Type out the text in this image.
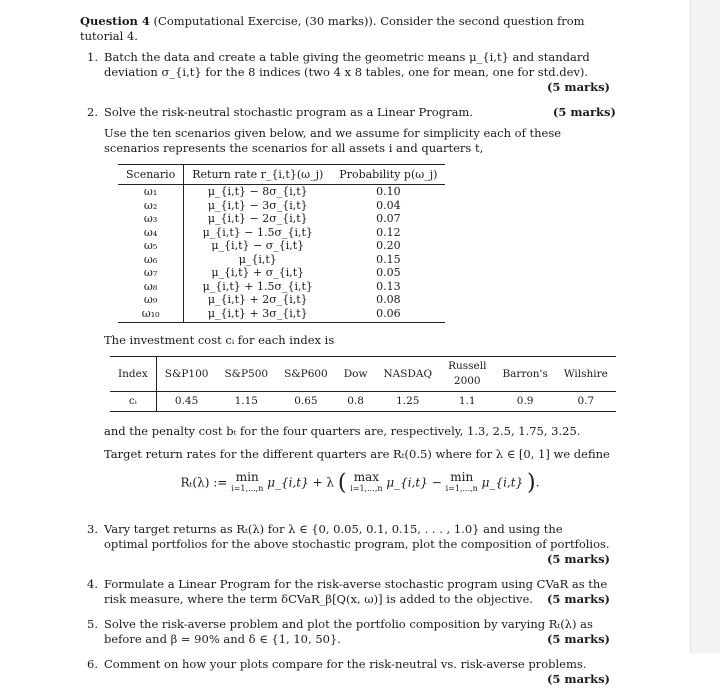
Question 4 (Computational Exercise, (30 marks)). Consider the second question from tutorial 4.
1. Batch the data and create a table giving the geometric means μ_{i,t} and standard deviation σ_{i,t} for the 8 indices (two 4 x 8 tables, one for mean, one for std.dev).
(5 marks)
2. Solve the risk-neutral stochastic program as a Linear Program.	(5 marks)
Use the ten scenarios given below, and we assume for simplicity each of these scenarios represents the scenarios for all assets i and quarters t,
Scenario	Return rate r_{i,t}(ω_j)	Probability p(ω_j)
ω₁	μ_{i,t} − 8σ_{i,t}	0.10
ω₂	μ_{i,t} − 3σ_{i,t}	0.04
ω₃	μ_{i,t} − 2σ_{i,t}	0.07
ω₄	μ_{i,t} − 1.5σ_{i,t}	0.12
ω₅	μ_{i,t} − σ_{i,t}	0.20
ω₆	μ_{i,t}	0.15
ω₇	μ_{i,t} + σ_{i,t}	0.05
ω₈	μ_{i,t} + 1.5σ_{i,t}	0.13
ω₉	μ_{i,t} + 2σ_{i,t}	0.08
ω₁₀	μ_{i,t} + 3σ_{i,t}	0.06
The investment cost cᵢ for each index is
Index	S&P100	S&P500	S&P600	Dow	NASDAQ	Russell 2000	Barron's	Wilshire
cᵢ	0.45	1.15	0.65	0.8	1.25	1.1	0.9	0.7
and the penalty cost bₜ for the four quarters are, respectively, 1.3, 2.5, 1.75, 3.25.
Target return rates for the different quarters are Rₜ(0.5) where for λ ∈ [0, 1] we define
Rₜ(λ) := min
i=1,...,n μ_{i,t} + λ ( max
i=1,...,n μ_{i,t} − min
i=1,...,n μ_{i,t} ).
3. Vary target returns as Rₜ(λ) for λ ∈ {0, 0.05, 0.1, 0.15, . . . , 1.0} and using the optimal portfolios for the above stochastic program, plot the composition of portfolios.
(5 marks)
4. Formulate a Linear Program for the risk-averse stochastic program using CVaR as the risk measure, where the term δCVaR_β[Q(x, ω)] is added to the objective. (5 marks)
5. Solve the risk-averse problem and plot the portfolio composition by varying Rₜ(λ) as before and β = 90% and δ ∈ {1, 10, 50}.	(5 marks)
6. Comment on how your plots compare for the risk-neutral vs. risk-averse problems.
(5 marks)
